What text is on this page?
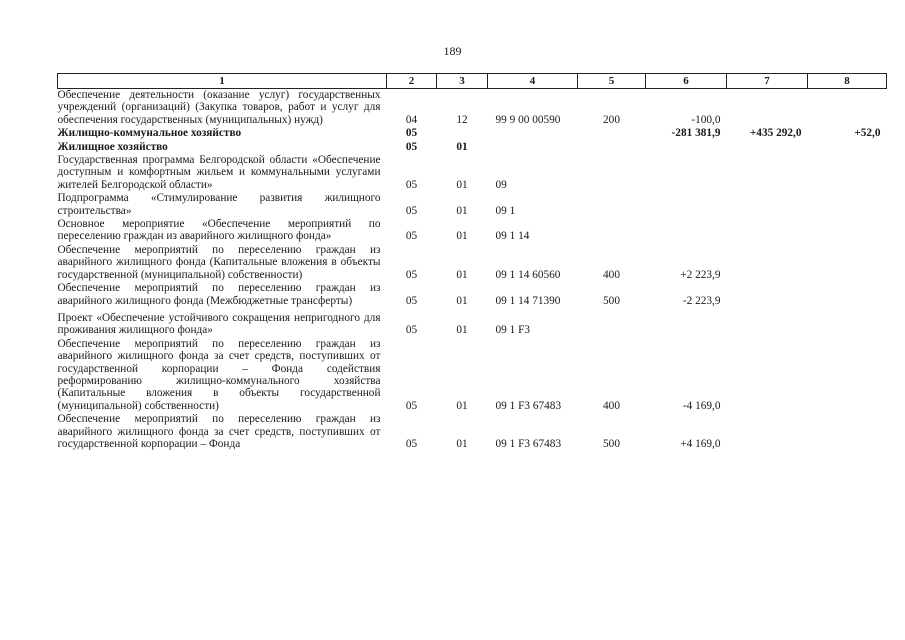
189
1	2	3	4	5	6	7	8
Обеспечение деятельности (оказание услуг) государственных учреждений (организаций) (Закупка товаров, работ и услуг для обеспечения государственных (муниципальных) нужд)	04	12	99 9 00 00590	200	-100,0		
Жилищно-коммунальное хозяйство	05				-281 381,9	+435 292,0	+52,0
Жилищное хозяйство	05	01					
Государственная программа Белгородской области «Обеспечение доступным и комфортным жильем и коммунальными услугами жителей Белгородской области»	05	01	09				
Подпрограмма «Стимулирование развития жилищного строительства»	05	01	09 1				
Основное мероприятие «Обеспечение мероприятий по переселению граждан из аварийного жилищного фонда»	05	01	09 1 14				
Обеспечение мероприятий по переселению граждан из аварийного жилищного фонда (Капитальные вложения в объекты государственной (муниципальной) собственности)	05	01	09 1 14 60560	400	+2 223,9		
Обеспечение мероприятий по переселению граждан из аварийного жилищного фонда (Межбюджетные трансферты)	05	01	09 1 14 71390	500	-2 223,9		
Проект «Обеспечение устойчивого сокращения непригодного для проживания жилищного фонда»	05	01	09 1 F3				
Обеспечение мероприятий по переселению граждан из аварийного жилищного фонда за счет средств, поступивших от государственной корпорации – Фонда содействия реформированию жилищно-коммунального хозяйства (Капитальные вложения в объекты государственной (муниципальной) собственности)	05	01	09 1 F3 67483	400	-4 169,0		
Обеспечение мероприятий по переселению граждан из аварийного жилищного фонда за счет средств, поступивших от государственной корпорации – Фонда	05	01	09 1 F3 67483	500	+4 169,0		
